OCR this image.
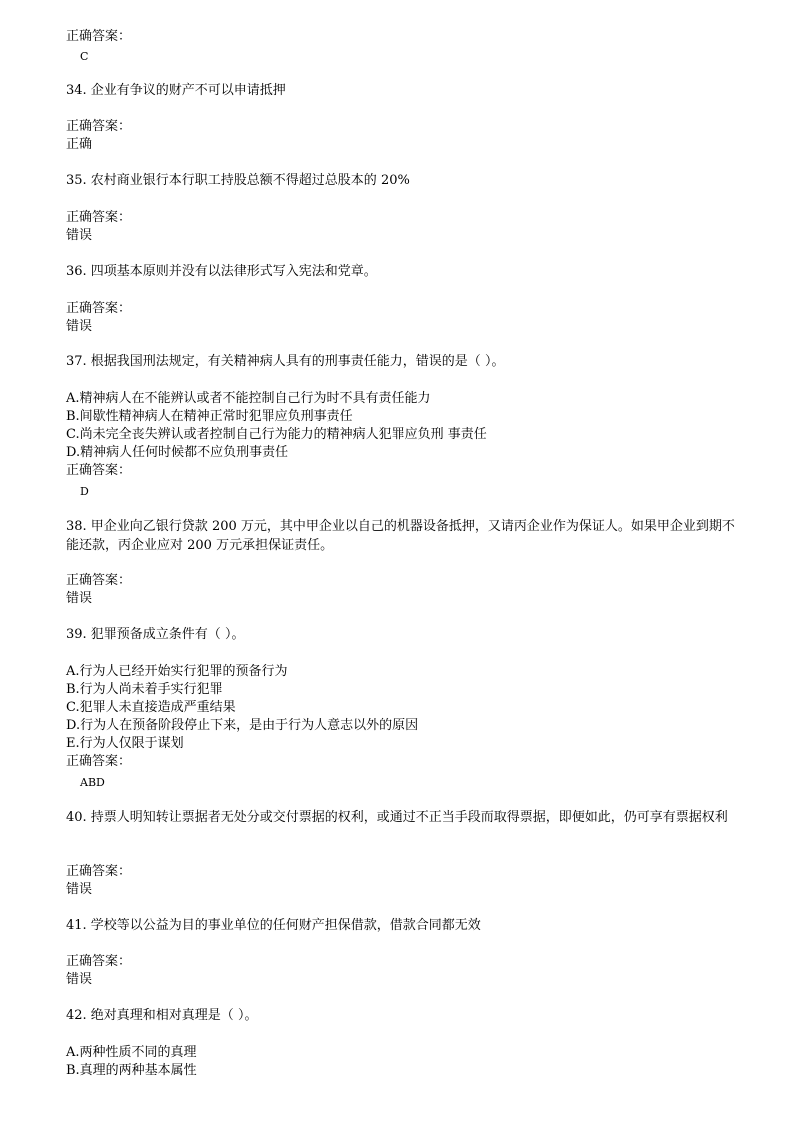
正确答案：
C
34. 企业有争议的财产不可以申请抵押
正确答案：
正确
35. 农村商业银行本行职工持股总额不得超过总股本的 20%
正确答案：
错误
36. 四项基本原则并没有以法律形式写入宪法和党章。
正确答案：
错误
37. 根据我国刑法规定，有关精神病人具有的刑事责任能力，错误的是（ ）。
A.精神病人在不能辨认或者不能控制自己行为时不具有责任能力
B.间歇性精神病人在精神正常时犯罪应负刑事责任
C.尚未完全丧失辨认或者控制自己行为能力的精神病人犯罪应负刑 事责任
D.精神病人任何时候都不应负刑事责任
正确答案：
D
38. 甲企业向乙银行贷款 200 万元，其中甲企业以自己的机器设备抵押，又请丙企业作为保证人。如果甲企业到期不能还款，丙企业应对 200 万元承担保证责任。
正确答案：
错误
39. 犯罪预备成立条件有（ ）。
A.行为人已经开始实行犯罪的预备行为
B.行为人尚未着手实行犯罪
C.犯罪人未直接造成严重结果
D.行为人在预备阶段停止下来，是由于行为人意志以外的原因
E.行为人仅限于谋划
正确答案：
ABD
40. 持票人明知转让票据者无处分或交付票据的权利，或通过不正当手段而取得票据，即便如此，仍可享有票据权利
正确答案：
错误
41. 学校等以公益为目的事业单位的任何财产担保借款，借款合同都无效
正确答案：
错误
42. 绝对真理和相对真理是（ ）。
A.两种性质不同的真理
B.真理的两种基本属性
